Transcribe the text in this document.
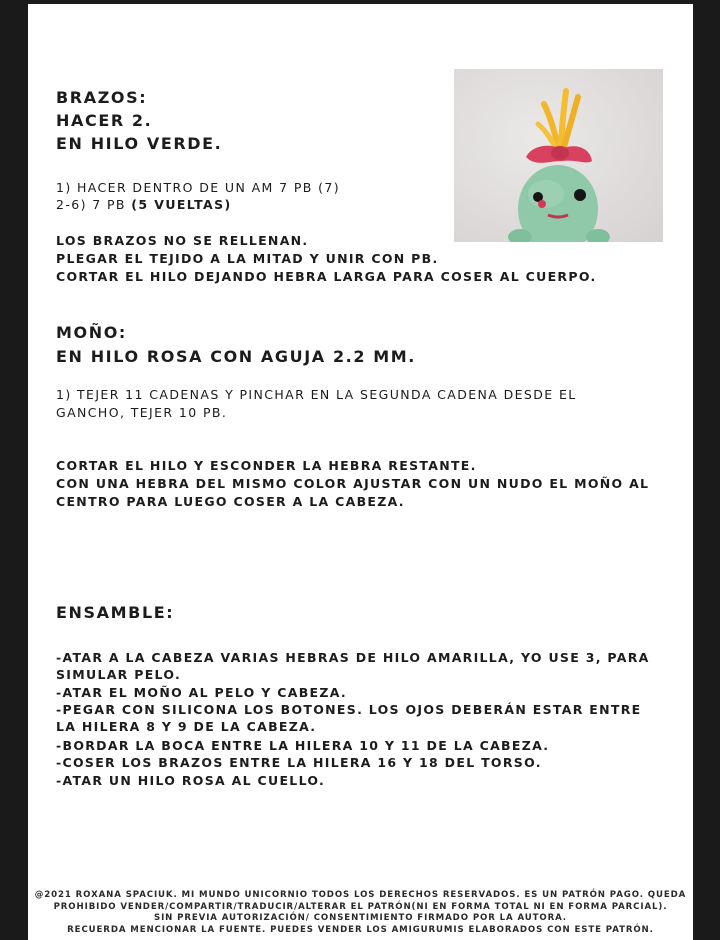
BRAZOS:

HACER 2.

EN HILO VERDE.

1) HACER DENTRO DE UN AM 7 PB (7)

2-6) 7 PB (5 VUELTAS)

LOS BRAZOS NO SE RELLENAN.

PLEGAR EL TEJIDO A LA MITAD Y UNIR CON PB.

CORTAR EL HILO DEJANDO HEBRA LARGA PARA COSER AL CUERPO.

MOÑO:

EN HILO ROSA CON AGUJA 2.2 MM.

1) TEJER 11 CADENAS Y PINCHAR EN LA SEGUNDA CADENA DESDE EL

GANCHO, TEJER 10 PB.

CORTAR EL HILO Y ESCONDER LA HEBRA RESTANTE.

CON UNA HEBRA DEL MISMO COLOR AJUSTAR CON UN NUDO EL MOÑO AL

CENTRO PARA LUEGO COSER A LA CABEZA.

ENSAMBLE:

-ATAR A LA CABEZA VARIAS HEBRAS DE HILO AMARILLA, YO USE 3, PARA

SIMULAR PELO.

-ATAR EL MOÑO AL PELO Y CABEZA.

-PEGAR CON SILICONA LOS BOTONES. LOS OJOS DEBERÁN ESTAR ENTRE

LA HILERA 8 Y 9 DE LA CABEZA.

-BORDAR LA BOCA ENTRE LA HILERA 10 Y 11 DE LA CABEZA.

-COSER LOS BRAZOS ENTRE LA HILERA 16 Y 18 DEL TORSO.

-ATAR UN HILO ROSA AL CUELLO.

@2021 ROXANA SPACIUK. MI MUNDO UNICORNIO TODOS LOS DERECHOS RESERVADOS. ES UN PATRÓN PAGO. QUEDA
PROHIBIDO VENDER/COMPARTIR/TRADUCIR/ALTERAR EL PATRÓN(NI EN FORMA TOTAL NI EN FORMA PARCIAL).
SIN PREVIA AUTORIZACIÓN/ CONSENTIMIENTO FIRMADO POR LA AUTORA.
RECUERDA MENCIONAR LA FUENTE. PUEDES VENDER LOS AMIGURUMIS ELABORADOS CON ESTE PATRÓN.
